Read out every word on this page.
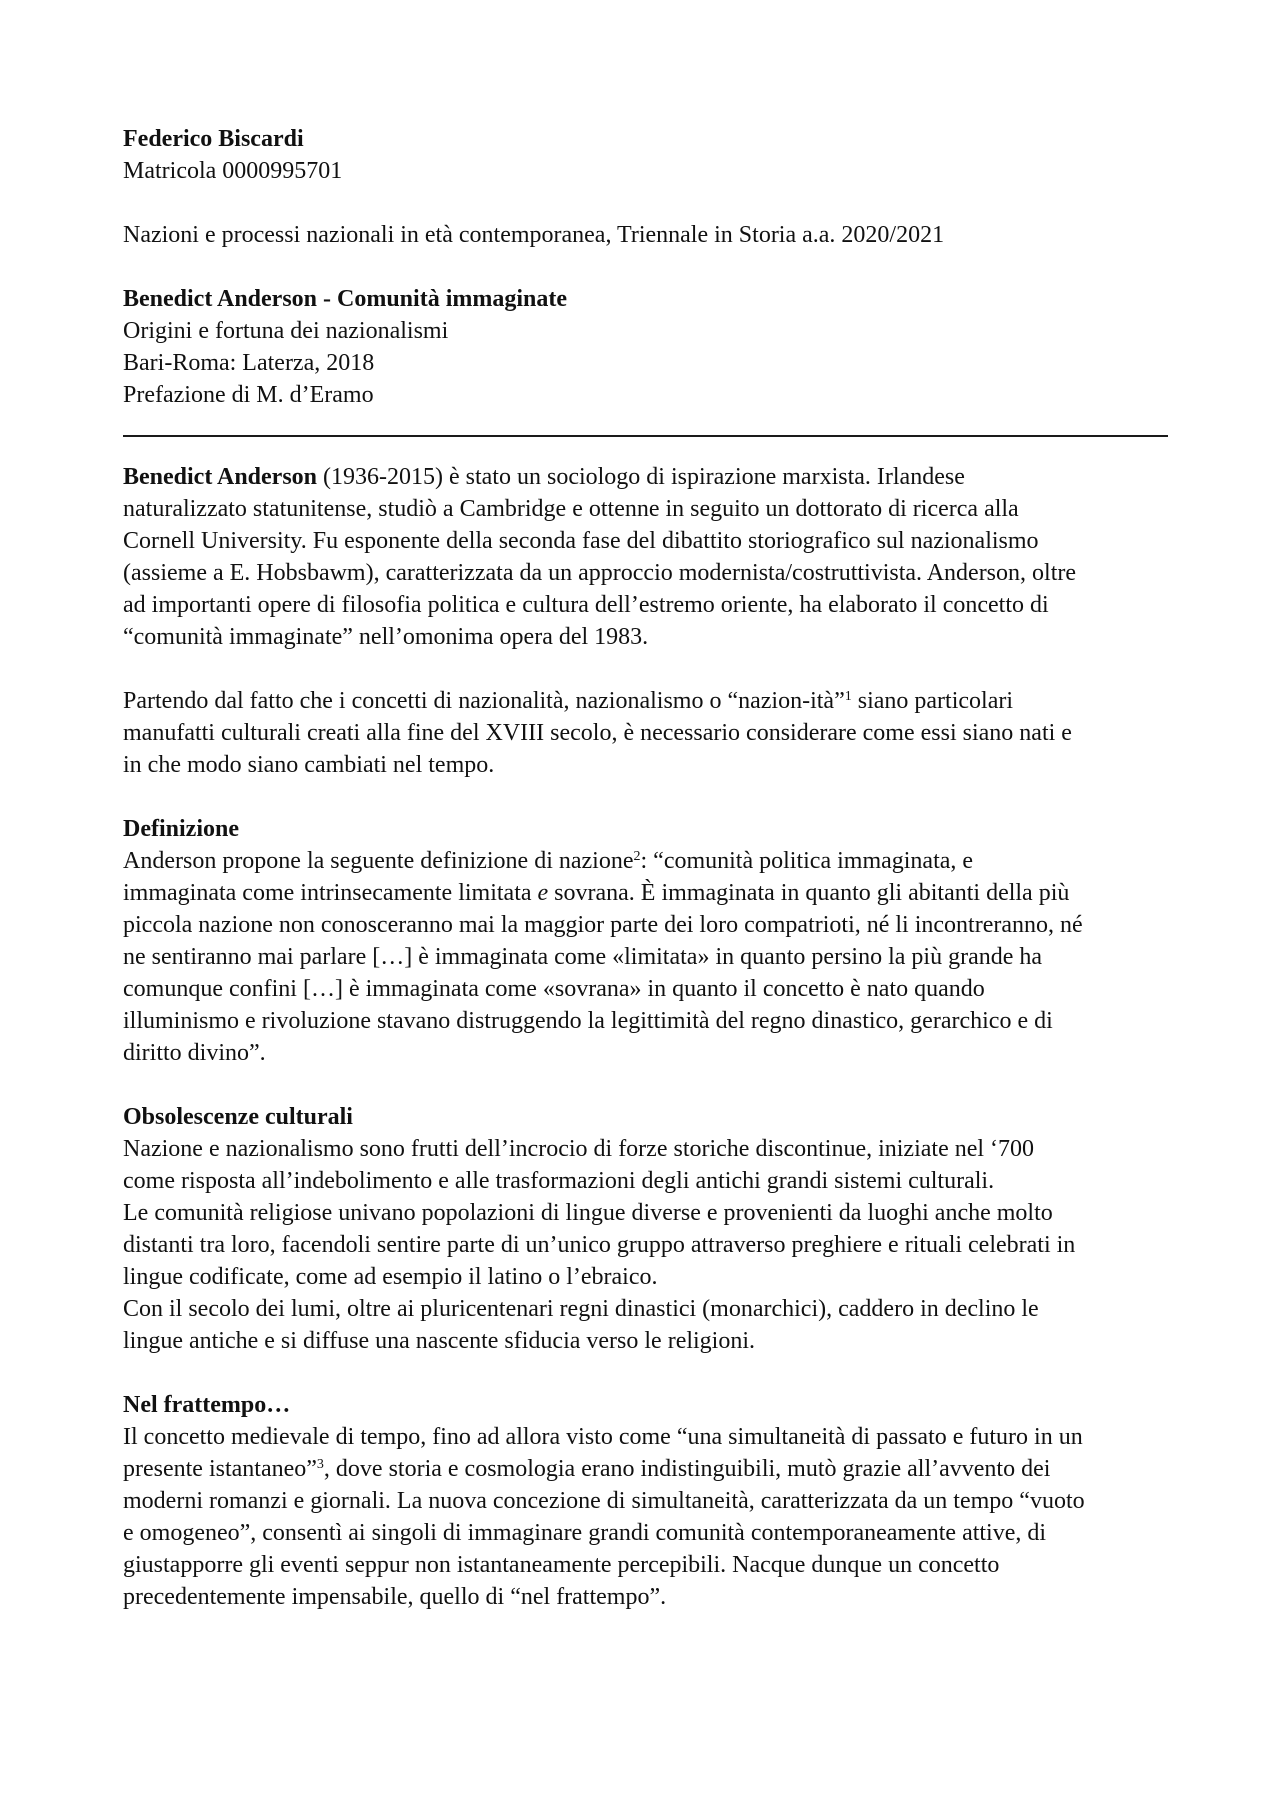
Federico Biscardi
Matricola 0000995701
Nazioni e processi nazionali in età contemporanea, Triennale in Storia a.a. 2020/2021
Benedict Anderson - Comunità immaginate
Origini e fortuna dei nazionalismi
Bari-Roma: Laterza, 2018
Prefazione di M. d’Eramo
Benedict Anderson (1936-2015) è stato un sociologo di ispirazione marxista. Irlandese
naturalizzato statunitense, studiò a Cambridge e ottenne in seguito un dottorato di ricerca alla
Cornell University. Fu esponente della seconda fase del dibattito storiografico sul nazionalismo
(assieme a E. Hobsbawm), caratterizzata da un approccio modernista/costruttivista. Anderson, oltre
ad importanti opere di filosofia politica e cultura dell’estremo oriente, ha elaborato il concetto di
“comunità immaginate” nell’omonima opera del 1983.
Partendo dal fatto che i concetti di nazionalità, nazionalismo o “nazion-ità”$^1$ siano particolari
manufatti culturali creati alla fine del XVIII secolo, è necessario considerare come essi siano nati e
in che modo siano cambiati nel tempo.
Definizione
Anderson propone la seguente definizione di nazione$^2$: “comunità politica immaginata, e
immaginata come intrinsecamente limitata e sovrana. È immaginata in quanto gli abitanti della più
piccola nazione non conosceranno mai la maggior parte dei loro compatrioti, né li incontreranno, né
ne sentiranno mai parlare […] è immaginata come «limitata» in quanto persino la più grande ha
comunque confini […] è immaginata come «sovrana» in quanto il concetto è nato quando
illuminismo e rivoluzione stavano distruggendo la legittimità del regno dinastico, gerarchico e di
diritto divino”.
Obsolescenze culturali
Nazione e nazionalismo sono frutti dell’incrocio di forze storiche discontinue, iniziate nel ‘700
come risposta all’indebolimento e alle trasformazioni degli antichi grandi sistemi culturali.
Le comunità religiose univano popolazioni di lingue diverse e provenienti da luoghi anche molto
distanti tra loro, facendoli sentire parte di un’unico gruppo attraverso preghiere e rituali celebrati in
lingue codificate, come ad esempio il latino o l’ebraico.
Con il secolo dei lumi, oltre ai pluricentenari regni dinastici (monarchici), caddero in declino le
lingue antiche e si diffuse una nascente sfiducia verso le religioni.
Nel frattempo…
Il concetto medievale di tempo, fino ad allora visto come “una simultaneità di passato e futuro in un
presente istantaneo”$^3$, dove storia e cosmologia erano indistinguibili, mutò grazie all’avvento dei
moderni romanzi e giornali. La nuova concezione di simultaneità, caratterizzata da un tempo “vuoto
e omogeneo”, consentì ai singoli di immaginare grandi comunità contemporaneamente attive, di
giustapporre gli eventi seppur non istantaneamente percepibili. Nacque dunque un concetto
precedentemente impensabile, quello di “nel frattempo”.
